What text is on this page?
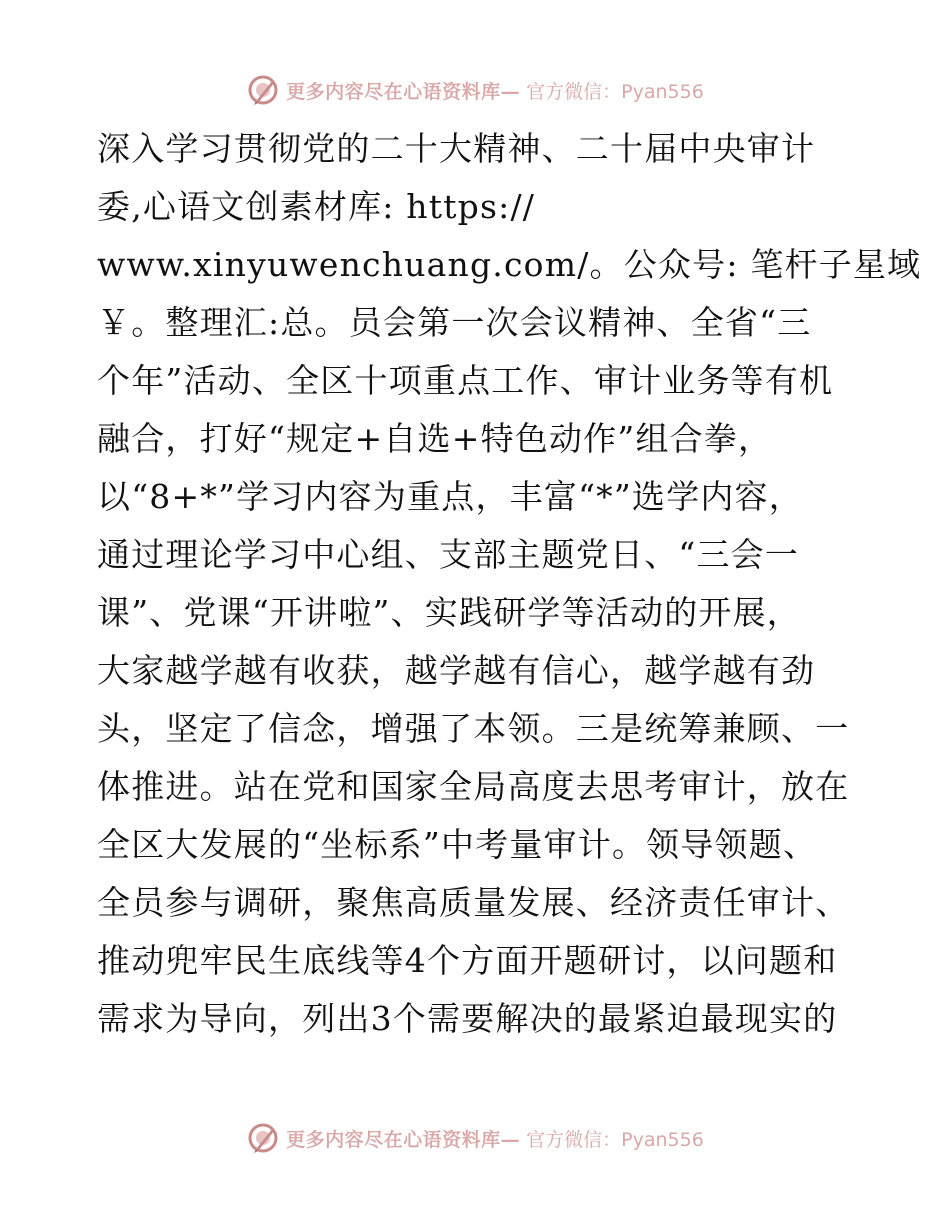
更多内容尽在心语资料库— 官方微信：Pyan556
深入学习贯彻党的二十大精神、二十届中央审计
委,心语文创素材库: https://
www.xinyuwenchuang.com/。公众号: 笔杆子星域
￥。整理汇:总。员会第一次会议精神、全省“三
个年”活动、全区十项重点工作、审计业务等有机
融合，打好“规定+自选+特色动作”组合拳，
以“8+*”学习内容为重点，丰富“*”选学内容，
通过理论学习中心组、支部主题党日、“三会一
课”、党课“开讲啦”、实践研学等活动的开展，
大家越学越有收获，越学越有信心，越学越有劲
头，坚定了信念，增强了本领。三是统筹兼顾、一
体推进。站在党和国家全局高度去思考审计，放在
全区大发展的“坐标系”中考量审计。领导领题、
全员参与调研，聚焦高质量发展、经济责任审计、
推动兜牢民生底线等4个方面开题研讨，以问题和
需求为导向，列出3个需要解决的最紧迫最现实的
更多内容尽在心语资料库— 官方微信：Pyan556
